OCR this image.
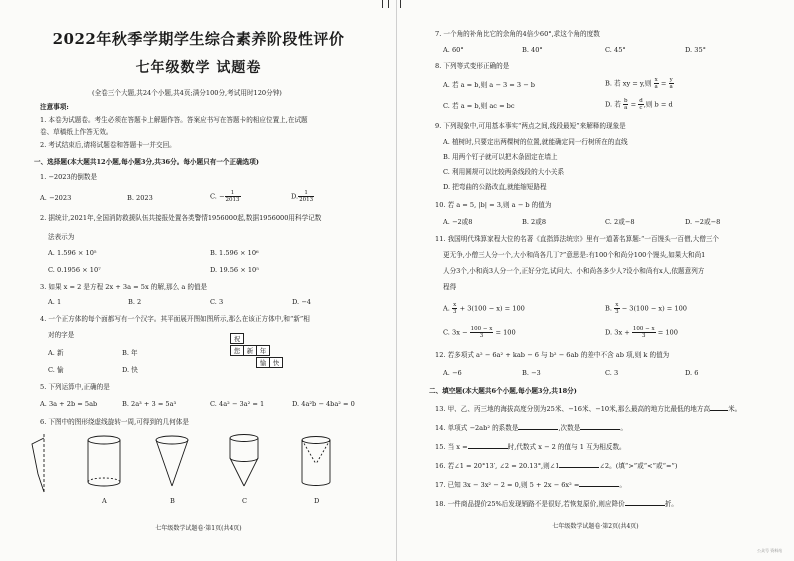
2022年秋季学期学生综合素养阶段性评价
七年级数学 试题卷
(全卷三个大题,共24个小题,共4页;满分100分,考试用时120分钟)
注意事项:
1. 本卷为试题卷。考生必须在答题卡上解题作答。答案应书写在答题卡的相应位置上,在试题
卷、草稿纸上作答无效。
2. 考试结束后,请将试题卷和答题卡一并交回。
一、选择题(本大题共12小题,每小题3分,共36分。每小题只有一个正确选项)
1. −2023的倒数是
A. −2023	B. 2023	C. − $\frac{1}{2013}$	D. $\frac{1}{2013}$
2. 据统计,2021年,全国消防救援队伍共接报处置各类警情1956000起,数据1956000用科学记数
法表示为
A. 1.596 × 10⁵	B. 1.596 × 10⁶
C. 0.1956 × 10⁷	D. 19.56 × 10⁵
3. 如果 x = 2 是方程 2x + 3a = 5x 的解,那么 a 的值是
A. 1	B. 2	C. 3	D. −4
4. 一个正方体的每个面都写有一个汉字。其平面展开图如图所示,那么在该正方体中,和“新”相
对的字是
A. 新	B. 年
C. 愉	D. 快
祝
您	新	年
愉	快
5. 下列运算中,正确的是
A. 3a + 2b = 5ab	B. 2a³ + 3 = 5a³	C. 4a² − 3a² = 1	D. 4a²b − 4ba² = 0
6. 下图中的图形绕虚线旋转一周,可得到的几何体是
A	B	C	D
七年级数学试题卷·第1页(共4页)
7. 一个角的补角比它的余角的4倍少60°,求这个角的度数
A. 60°	B. 40°	C. 45°	D. 35°
8. 下列等式变形正确的是
A. 若 a = b,则 a − 3 = 3 − b	B. 若 xy = y,则 $\frac{x}{a} = \frac{y}{a}$
C. 若 a = b,则 ac = bc	D. 若 $\frac{b}{a} = \frac{d}{c}$ ,则 b = d
9. 下列现象中,可用基本事实“两点之间,线段最短”来解释的现象是
A. 植树时,只要定出两棵树的位置,就能确定同一行树所在的直线
B. 用两个钉子就可以把木条固定在墙上
C. 利用圆规可以比较两条线段的大小关系
D. 把弯曲的公路改直,就能缩短路程
10. 若 a = 5, |b| = 3,则 a − b 的值为
A. −2或8	B. 2或8	C. 2或−8	D. −2或−8
11. 我国明代珠算家程大位的名著《直指算法统宗》里有一道著名算题:“一百馒头一百僧,大僧三个
更无争,小僧三人分一个,大小和尚各几丁?”意思是:有100个和尚分100个馒头,如果大和尚1
人分3个,小和尚3人分一个,正好分完,试问大、小和尚各多少人?设小和尚有x人,依题意列方
程得
A. $\frac{x}{3} + 3(100 - x) = 100$	B. $\frac{x}{3} - 3(100 - x) = 100$
C. $3x - \frac{100 - x}{3} = 100$	D. $3x + \frac{100 - x}{3} = 100$
12. 若多项式 a² − 6a² + kab − 6 与 b² − 6ab 的差中不含 ab 项,则 k 的值为
A. −6	B. −3	C. 3	D. 6
二、填空题(本大题共6个小题,每小题3分,共18分)
13. 甲、乙、丙三地的海拔高度分别为25米、−16米、−10米,那么最高的地方比最低的地方高	米。
14. 单项式 −2ab² 的系数是	,次数是	。
15. 当 x =	时,代数式 x − 2 的值与 1 互为相反数。
16. 若∠1 = 20°13′, ∠2 = 20.13°,则∠1	∠2。(填“>”或“<”或“=”)
17. 已知 3x − 3x² − 2 = 0,则 5 + 2x − 6x² =	。
18. 一件商品提价25%后发现销路不是很好,若恢复原价,则应降价	折。
七年级数学试题卷·第2页(共4页)
公众号 资料站
